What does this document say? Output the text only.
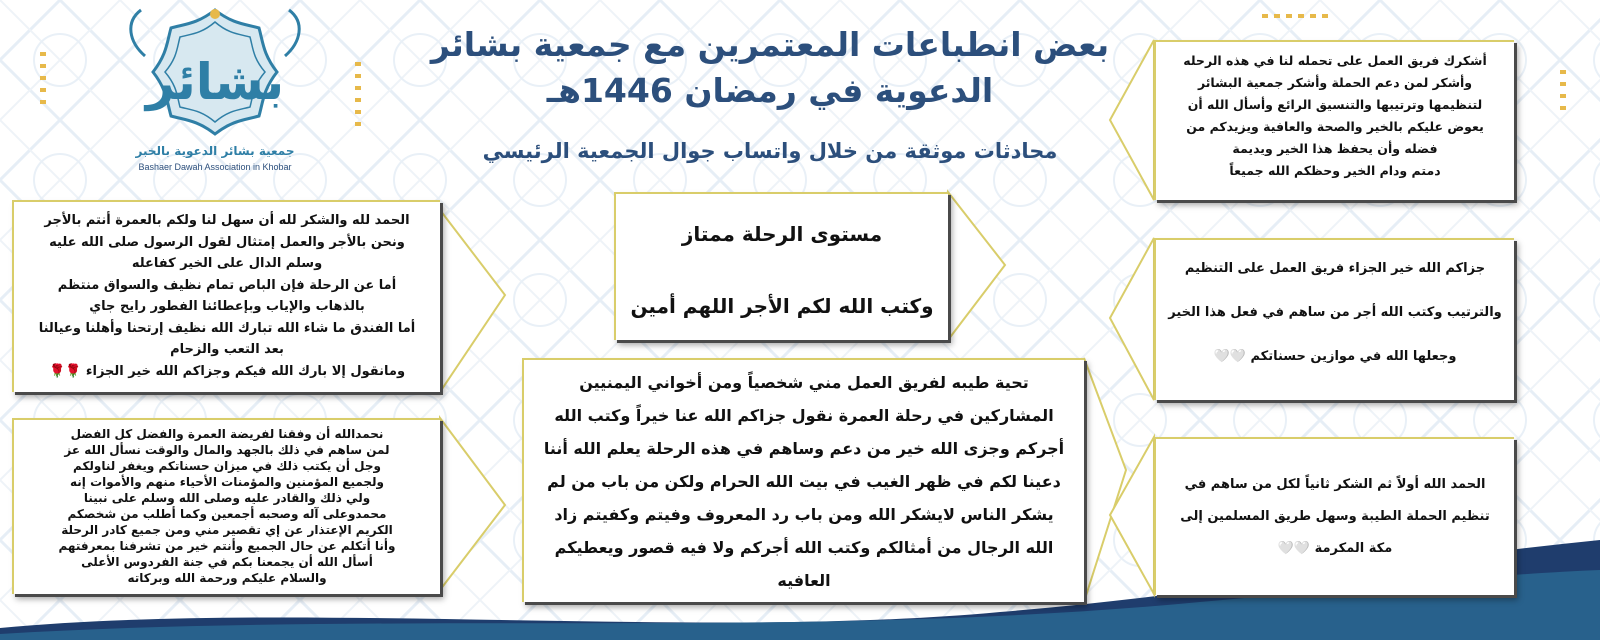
بشائر
جمعية بشائر الدعوية بالخبر
Bashaer Dawah Association in Khobar
بعض انطباعات المعتمرين مع جمعية بشائر
الدعوية في رمضان 1446هـ
محادثات موثقة من خلال واتساب جوال الجمعية الرئيسي
أشكرك فريق العمل على تحمله لنا في هذه الرحله
وأشكر لمن دعم الحملة وأشكر جمعية البشائر
لتنظيمها وترتيبها والتنسيق الرائع وأسأل الله أن
يعوض عليكم بالخير والصحة والعافية ويزيدكم من
فضله وأن يحفظ هذا الخير ويديمة
دمتم ودام الخير وحظكم الله جميعاً
جزاكم الله خير الجزاء فريق العمل على التنظيم

والترتيب وكتب الله أجر من ساهم في فعل هذا الخير

وجعلها الله في موازين حسناتكم 🤍🤍
الحمد الله أولاً ثم الشكر ثانياً لكل من ساهم في
تنظيم الحملة الطيبة وسهل طريق المسلمين إلى
مكة المكرمة 🤍🤍
مستوى الرحلة ممتاز

وكتب الله لكم الأجر اللهم أمين
تحية طيبه لفريق العمل مني شخصياً ومن أخواني اليمنيين
المشاركين في رحلة العمرة نقول جزاكم الله عنا خيراً وكتب الله
أجركم وجزى الله خير من دعم وساهم في هذه الرحلة يعلم الله أننا
دعينا لكم في ظهر الغيب في بيت الله الحرام ولكن من باب من لم
يشكر الناس لايشكر الله ومن باب رد المعروف وفيتم وكفيتم زاد
الله الرجال من أمثالكم وكتب الله أجركم ولا فيه قصور ويعطيكم
العافيه
الحمد لله والشكر لله أن سهل لنا ولكم بالعمرة أنتم بالأجر
ونحن بالأجر والعمل إمتثال لقول الرسول صلى الله عليه
وسلم الدال على الخير كفاعله
أما عن الرحلة فإن الباص تمام نظيف والسواق منتظم
بالذهاب والإياب وبإعطائنا الفطور رايح جاي
أما الفندق ما شاء الله تبارك الله نظيف إرتحنا وأهلنا وعيالنا
بعد التعب والزحام
ومانقول إلا بارك الله فيكم وجزاكم الله خير الجزاء 🌹🌹
نحمدالله أن وفقنا لفريضة العمرة والفضل كل الفضل
لمن ساهم في ذلك بالجهد والمال والوقت نسأل الله عز
وجل أن يكتب ذلك في ميزان حسناتكم ويغفر لناولكم
ولجميع المؤمنين والمؤمنات الأحياء منهم والأموات إنه
ولي ذلك والقادر عليه وصلى الله وسلم على نبينا
محمدوعلى آله وصحبه أجمعين وكما أطلب من شخصكم
الكريم الإعتذار عن إي تقصير مني ومن جميع كادر الرحلة
وأنا أتكلم عن حال الجميع وأنتم خير من تشرفنا بمعرفتهم
أسأل الله أن يجمعنا بكم في جنة الفردوس الأعلى
والسلام عليكم ورحمة الله وبركاته
